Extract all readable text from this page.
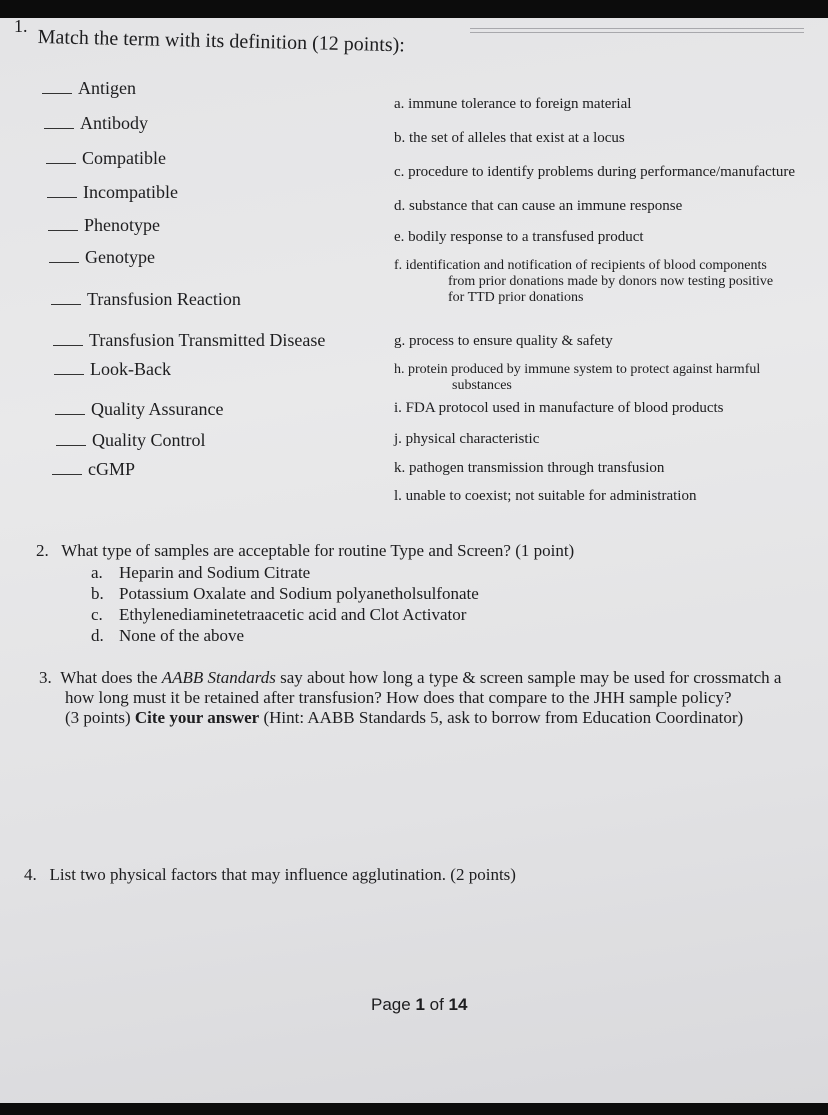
1. Match the term with its definition (12 points):
Antigen
Antibody
Compatible
Incompatible
Phenotype
Genotype
Transfusion Reaction
Transfusion Transmitted Disease
Look-Back
Quality Assurance
Quality Control
cGMP
a. immune tolerance to foreign material
b. the set of alleles that exist at a locus
c. procedure to identify problems during performance/manufacture
d. substance that can cause an immune response
e. bodily response to a transfused product
f. identification and notification of recipients of blood components
from prior donations made by donors now testing positive
for TTD prior donations
g. process to ensure quality & safety
h. protein produced by immune system to protect against harmful
substances
i. FDA protocol used in manufacture of blood products
j. physical characteristic
k. pathogen transmission through transfusion
l. unable to coexist; not suitable for administration
2. What type of samples are acceptable for routine Type and Screen? (1 point)
a. Heparin and Sodium Citrate
b. Potassium Oxalate and Sodium polyanetholsulfonate
c. Ethylenediaminetetraacetic acid and Clot Activator
d. None of the above
3. What does the AABB Standards say about how long a type & screen sample may be used for crossmatch a
how long must it be retained after transfusion? How does that compare to the JHH sample policy?
(3 points) Cite your answer (Hint: AABB Standards 5, ask to borrow from Education Coordinator)
4. List two physical factors that may influence agglutination. (2 points)
Page 1 of 14
